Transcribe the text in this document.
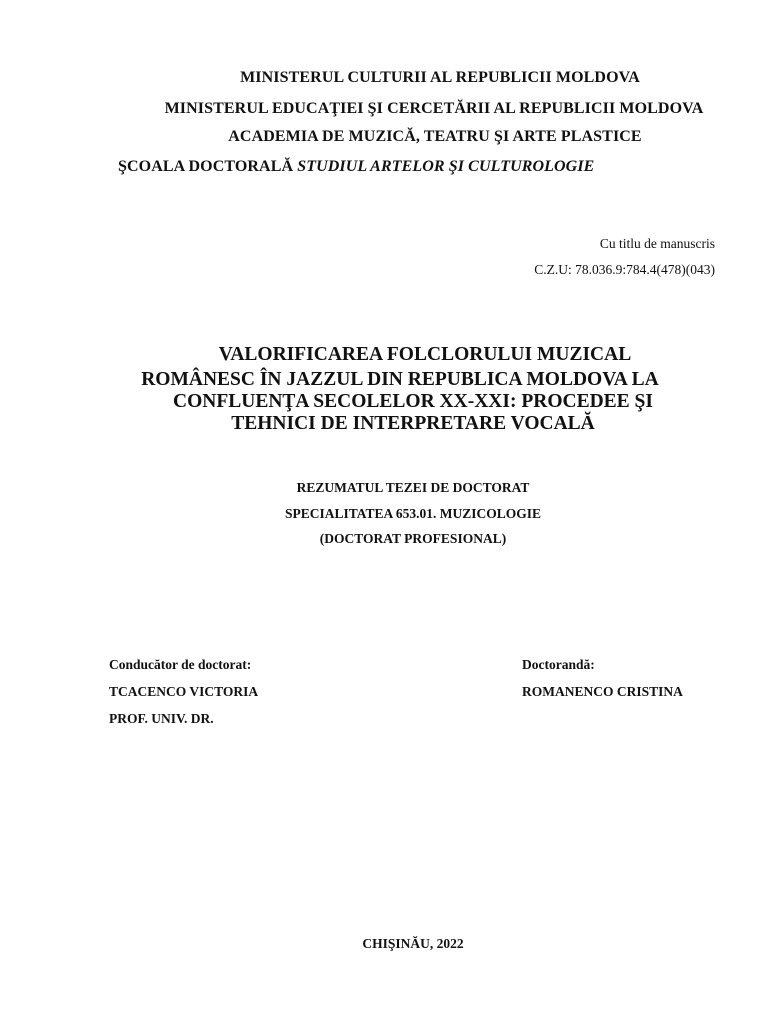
MINISTERUL CULTURII AL REPUBLICII MOLDOVA
MINISTERUL EDUCAŢIEI ŞI CERCETĂRII AL REPUBLICII MOLDOVA
ACADEMIA DE MUZICĂ, TEATRU ŞI ARTE PLASTICE
ŞCOALA DOCTORALĂ STUDIUL ARTELOR ŞI CULTUROLOGIE
Cu titlu de manuscris
C.Z.U: 78.036.9:784.4(478)(043)
VALORIFICAREA FOLCLORULUI MUZICAL
ROMÂNESC ÎN JAZZUL DIN REPUBLICA MOLDOVA LA
CONFLUENŢA SECOLELOR XX-XXI: PROCEDEE ŞI
TEHNICI DE INTERPRETARE VOCALĂ
REZUMATUL TEZEI DE DOCTORAT
SPECIALITATEA 653.01. MUZICOLOGIE
(DOCTORAT PROFESIONAL)
Conducător de doctorat:
TCACENCO VICTORIA
PROF. UNIV. DR.
Doctorandă:
ROMANENCO CRISTINA
CHIŞINĂU, 2022
